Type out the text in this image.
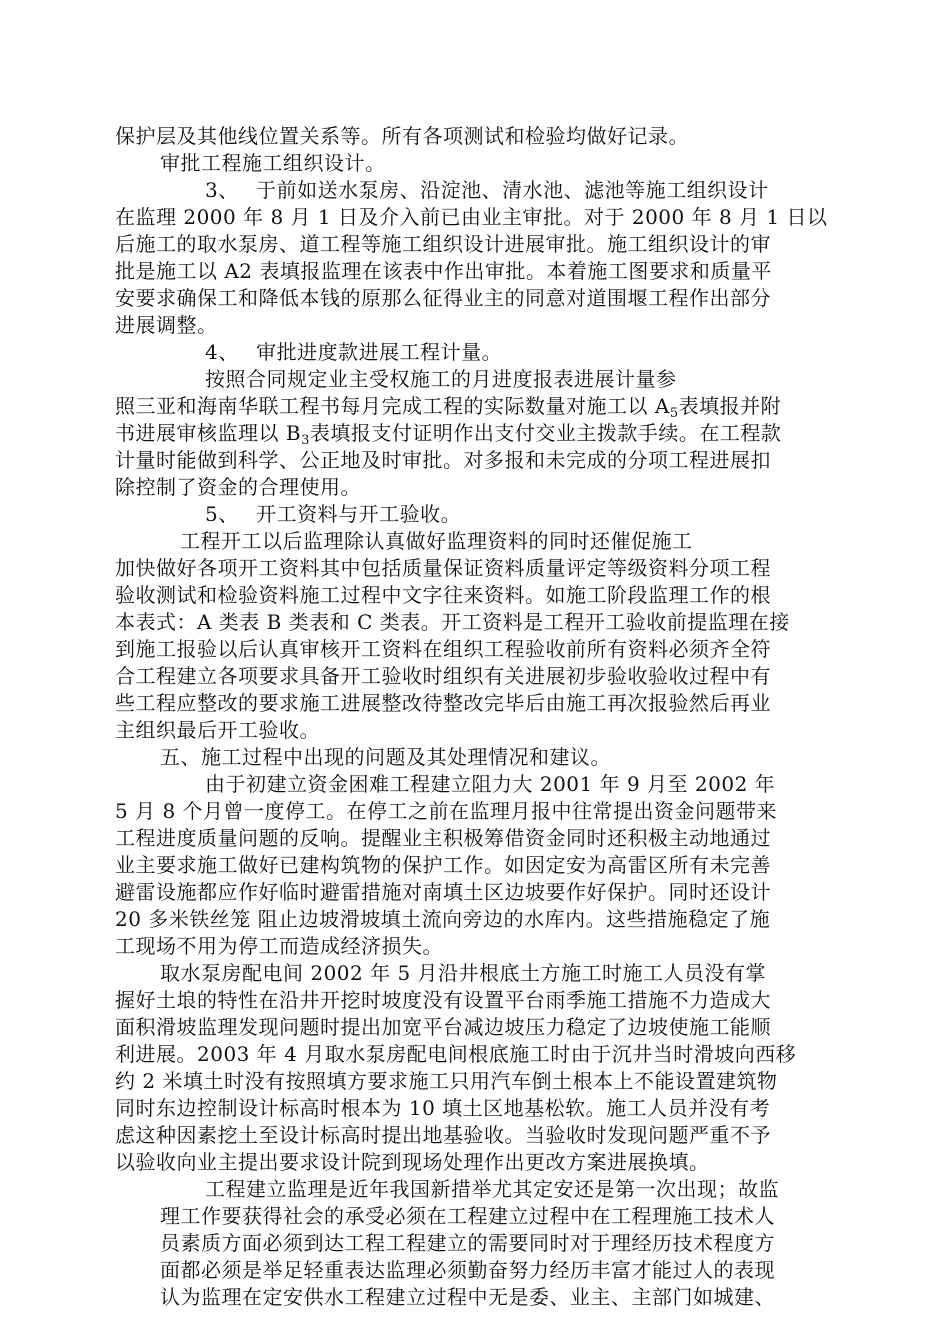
保护层及其他线位置关系等。所有各项测试和检验均做好记录。
审批工程施工组织设计。
3、　 于前如送水泵房、沿淀池、清水池、滤池等施工组织设计
在监理 2000 年 8 月 1 日及介入前已由业主审批。对于 2000 年 8 月 1 日以
后施工的取水泵房、道工程等施工组织设计进展审批。施工组织设计的审
批是施工以 A2 表填报监理在该表中作出审批。本着施工图要求和质量平
安要求确保工和降低本钱的原那么征得业主的同意对道围堰工程作出部分
进展调整。
4、　 审批进度款进展工程计量。
按照合同规定业主受权施工的月进度报表进展计量参
照三亚和海南华联工程书每月完成工程的实际数量对施工以 $A_5$表填报并附
书进展审核监理以 $B_3$表填报支付证明作出支付交业主拨款手续。在工程款
计量时能做到科学、公正地及时审批。对多报和未完成的分项工程进展扣
除控制了资金的合理使用。
5、　 开工资料与开工验收。
工程开工以后监理除认真做好监理资料的同时还催促施工
加快做好各项开工资料其中包括质量保证资料质量评定等级资料分项工程
验收测试和检验资料施工过程中文字往来资料。如施工阶段监理工作的根
本表式：A 类表 B 类表和 C 类表。开工资料是工程开工验收前提监理在接
到施工报验以后认真审核开工资料在组织工程验收前所有资料必须齐全符
合工程建立各项要求具备开工验收时组织有关进展初步验收验收过程中有
些工程应整改的要求施工进展整改待整改完毕后由施工再次报验然后再业
主组织最后开工验收。
五、施工过程中出现的问题及其处理情况和建议。
由于初建立资金困难工程建立阻力大 2001 年 9 月至 2002 年
5 月 8 个月曾一度停工。在停工之前在监理月报中往常提出资金问题带来
工程进度质量问题的反响。提醒业主积极筹借资金同时还积极主动地通过
业主要求施工做好已建构筑物的保护工作。如因定安为高雷区所有未完善
避雷设施都应作好临时避雷措施对南填土区边坡要作好保护。同时还设计
20 多米铁丝笼 阻止边坡滑坡填土流向旁边的水库内。这些措施稳定了施
工现场不用为停工而造成经济损失。
取水泵房配电间 2002 年 5 月沿井根底土方施工时施工人员没有掌
握好土埌的特性在沿井开挖时坡度没有设置平台雨季施工措施不力造成大
面积滑坡监理发现问题时提出加宽平台减边坡压力稳定了边坡使施工能顺
利进展。2003 年 4 月取水泵房配电间根底施工时由于沉井当时滑坡向西移
约 2 米填土时没有按照填方要求施工只用汽车倒土根本上不能设置建筑物
同时东边控制设计标高时根本为 10 填土区地基松软。施工人员并没有考
虑这种因素挖土至设计标高时提出地基验收。当验收时发现问题严重不予
以验收向业主提出要求设计院到现场处理作出更改方案进展换填。
工程建立监理是近年我国新措举尤其定安还是第一次出现；故监
理工作要获得社会的承受必须在工程建立过程中在工程理施工技术人
员素质方面必须到达工程工程建立的需要同时对于理经历技术程度方
面都必须是举足轻重表达监理必须勤奋努力经历丰富才能过人的表现
认为监理在定安供水工程建立过程中无是委、业主、主部门如城建、
